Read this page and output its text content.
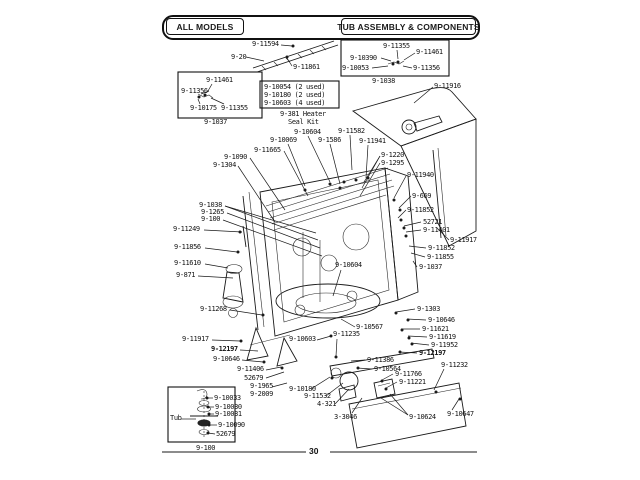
ALL MODELS	TUB ASSEMBLY & COMPONENTS
9-11594
9-20
9-11861
9-11355
9-10390
9-11461
9-10053	9-11356
9-1038
9-11916
9-11461
9-11356
9-10175 9-11355
9-1037
9-10054 (2 used)
9-10180 (2 used)
9-10603 (4 used)
9-381 Heater
Seal Kit
9-10604 9-11582
9-10069	9-1586	9-11941
9-11665
9-1090
9-1304
9-1220
9-1295
9-11940
9-669
9-11852
52721
9-11401
9-11917
9-11852
9-11855
9-1037
9-1038
9-1265
9-100
9-11249
9-11856
9-11610
9-871
9-10604
9-10567
9-11235
9-10603
9-11268
9-11917
9-12197
9-10646
9-11406
52679
9-1965
9-2009
9-10180
9-11532
4-321
3-3046
9-1303
9-10646
9-11621
9-11619
9-11952
9-12197
9-11386
9-10564
9-11766
9-11221
9-11232
9-10624 9-10647
9-10033
9-10030
9-10031
9-10090
52679
Tub
9-100	30
